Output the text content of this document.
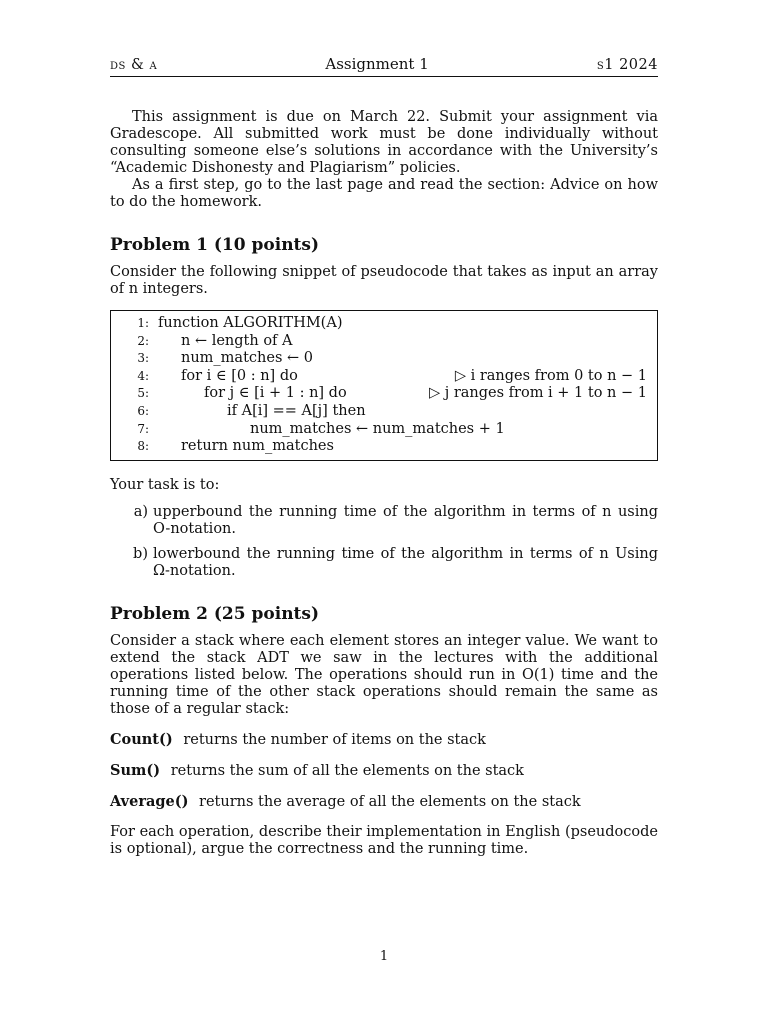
ds & a	Assignment 1	s1 2024

This assignment is due on March 22. Submit your assignment via Gradescope. All submitted work must be done individually without consulting someone else’s solutions in accordance with the University’s “Academic Dishonesty and Plagiarism” policies.

As a first step, go to the last page and read the section: Advice on how to do the homework.

Problem 1 (10 points)

Consider the following snippet of pseudocode that takes as input an array of n integers.

1: function ALGORITHM(A)
2:	n ← length of A
3:	num_matches ← 0
4:	for i ∈ [0 : n] do	▷ i ranges from 0 to n − 1
5:	for j ∈ [i + 1 : n] do	▷ j ranges from i + 1 to n − 1
6:	if A[i] == A[j] then
7:	num_matches ← num_matches + 1
8:	return num_matches

Your task is to:

a) upperbound the running time of the algorithm in terms of n using O-notation.
b) lowerbound the running time of the algorithm in terms of n Using Ω-notation.
Problem 2 (25 points)

Consider a stack where each element stores an integer value. We want to extend the stack ADT we saw in the lectures with the additional operations listed below. The operations should run in O(1) time and the running time of the other stack operations should remain the same as those of a regular stack:

Count() returns the number of items on the stack
Sum() returns the sum of all the elements on the stack
Average() returns the average of all the elements on the stack

For each operation, describe their implementation in English (pseudocode is optional), argue the correctness and the running time.

1
